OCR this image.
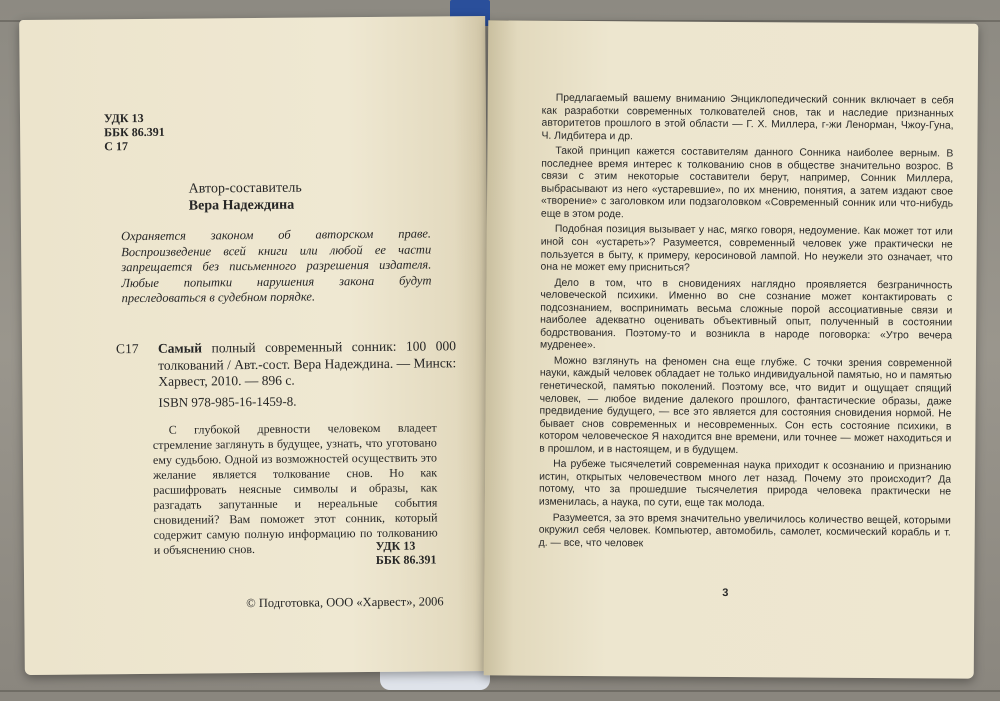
УДК 13
ББК 86.391
С 17
Автор-составитель
Вера Надеждина
Охраняется законом об авторском праве. Воспроизведение всей книги или любой ее части запрещается без письменного разрешения издателя. Любые попытки нарушения закона будут преследоваться в судебном порядке.
С17 Самый полный современный сонник: 100 000 толкований / Авт.-сост. Вера Надеждина. — Минск: Харвест, 2010. — 896 с.
ISBN 978-985-16-1459-8.
С глубокой древности человеком владеет стремление заглянуть в будущее, узнать, что уготовано ему судьбою. Одной из возможностей осуществить это желание является толкование снов. Но как расшифровать неясные символы и образы, как разгадать запутанные и нереальные события сновидений? Вам поможет этот сонник, который содержит самую полную информацию по толкованию и объяснению снов.	УДК 13
ББК 86.391
© Подготовка, ООО «Харвест», 2006

Предлагаемый вашему вниманию Энциклопедический сонник включает в себя как разработки современных толкователей снов, так и наследие признанных авторитетов прошлого в этой области — Г. Х. Миллера, г-жи Ленорман, Чжоу-Гуна, Ч. Лидбитера и др.

Такой принцип кажется составителям данного Сонника наиболее верным. В последнее время интерес к толкованию снов в обществе значительно возрос. В связи с этим некоторые составители берут, например, Сонник Миллера, выбрасывают из него «устаревшие», по их мнению, понятия, а затем издают свое «творение» с заголовком или подзаголовком «Современный сонник или что-нибудь еще в этом роде.

Подобная позиция вызывает у нас, мягко говоря, недоумение. Как может тот или иной сон «устареть»? Разумеется, современный человек уже практически не пользуется в быту, к примеру, керосиновой лампой. Но неужели это означает, что она не может ему присниться?

Дело в том, что в сновидениях наглядно проявляется безграничность человеческой психики. Именно во сне сознание может контактировать с подсознанием, воспринимать весьма сложные порой ассоциативные связи и наиболее адекватно оценивать объективный опыт, полученный в состоянии бодрствования. Поэтому-то и возникла в народе поговорка: «Утро вечера мудренее».

Можно взглянуть на феномен сна еще глубже. С точки зрения современной науки, каждый человек обладает не только индивидуальной памятью, но и памятью генетической, памятью поколений. Поэтому все, что видит и ощущает спящий человек, — любое видение далекого прошлого, фантастические образы, даже предвидение будущего, — все это является для состояния сновидения нормой. Не бывает снов современных и несовременных. Сон есть состояние психики, в котором человеческое Я находится вне времени, или точнее — может находиться и в прошлом, и в настоящем, и в будущем.

На рубеже тысячелетий современная наука приходит к осознанию и признанию истин, открытых человечеством много лет назад. Почему это происходит? Да потому, что за прошедшие тысячелетия природа человека практически не изменилась, а наука, по сути, еще так молода.

Разумеется, за это время значительно увеличилось количество вещей, которыми окружил себя человек. Компьютер, автомобиль, самолет, космический корабль и т. д. — все, что человек

3
